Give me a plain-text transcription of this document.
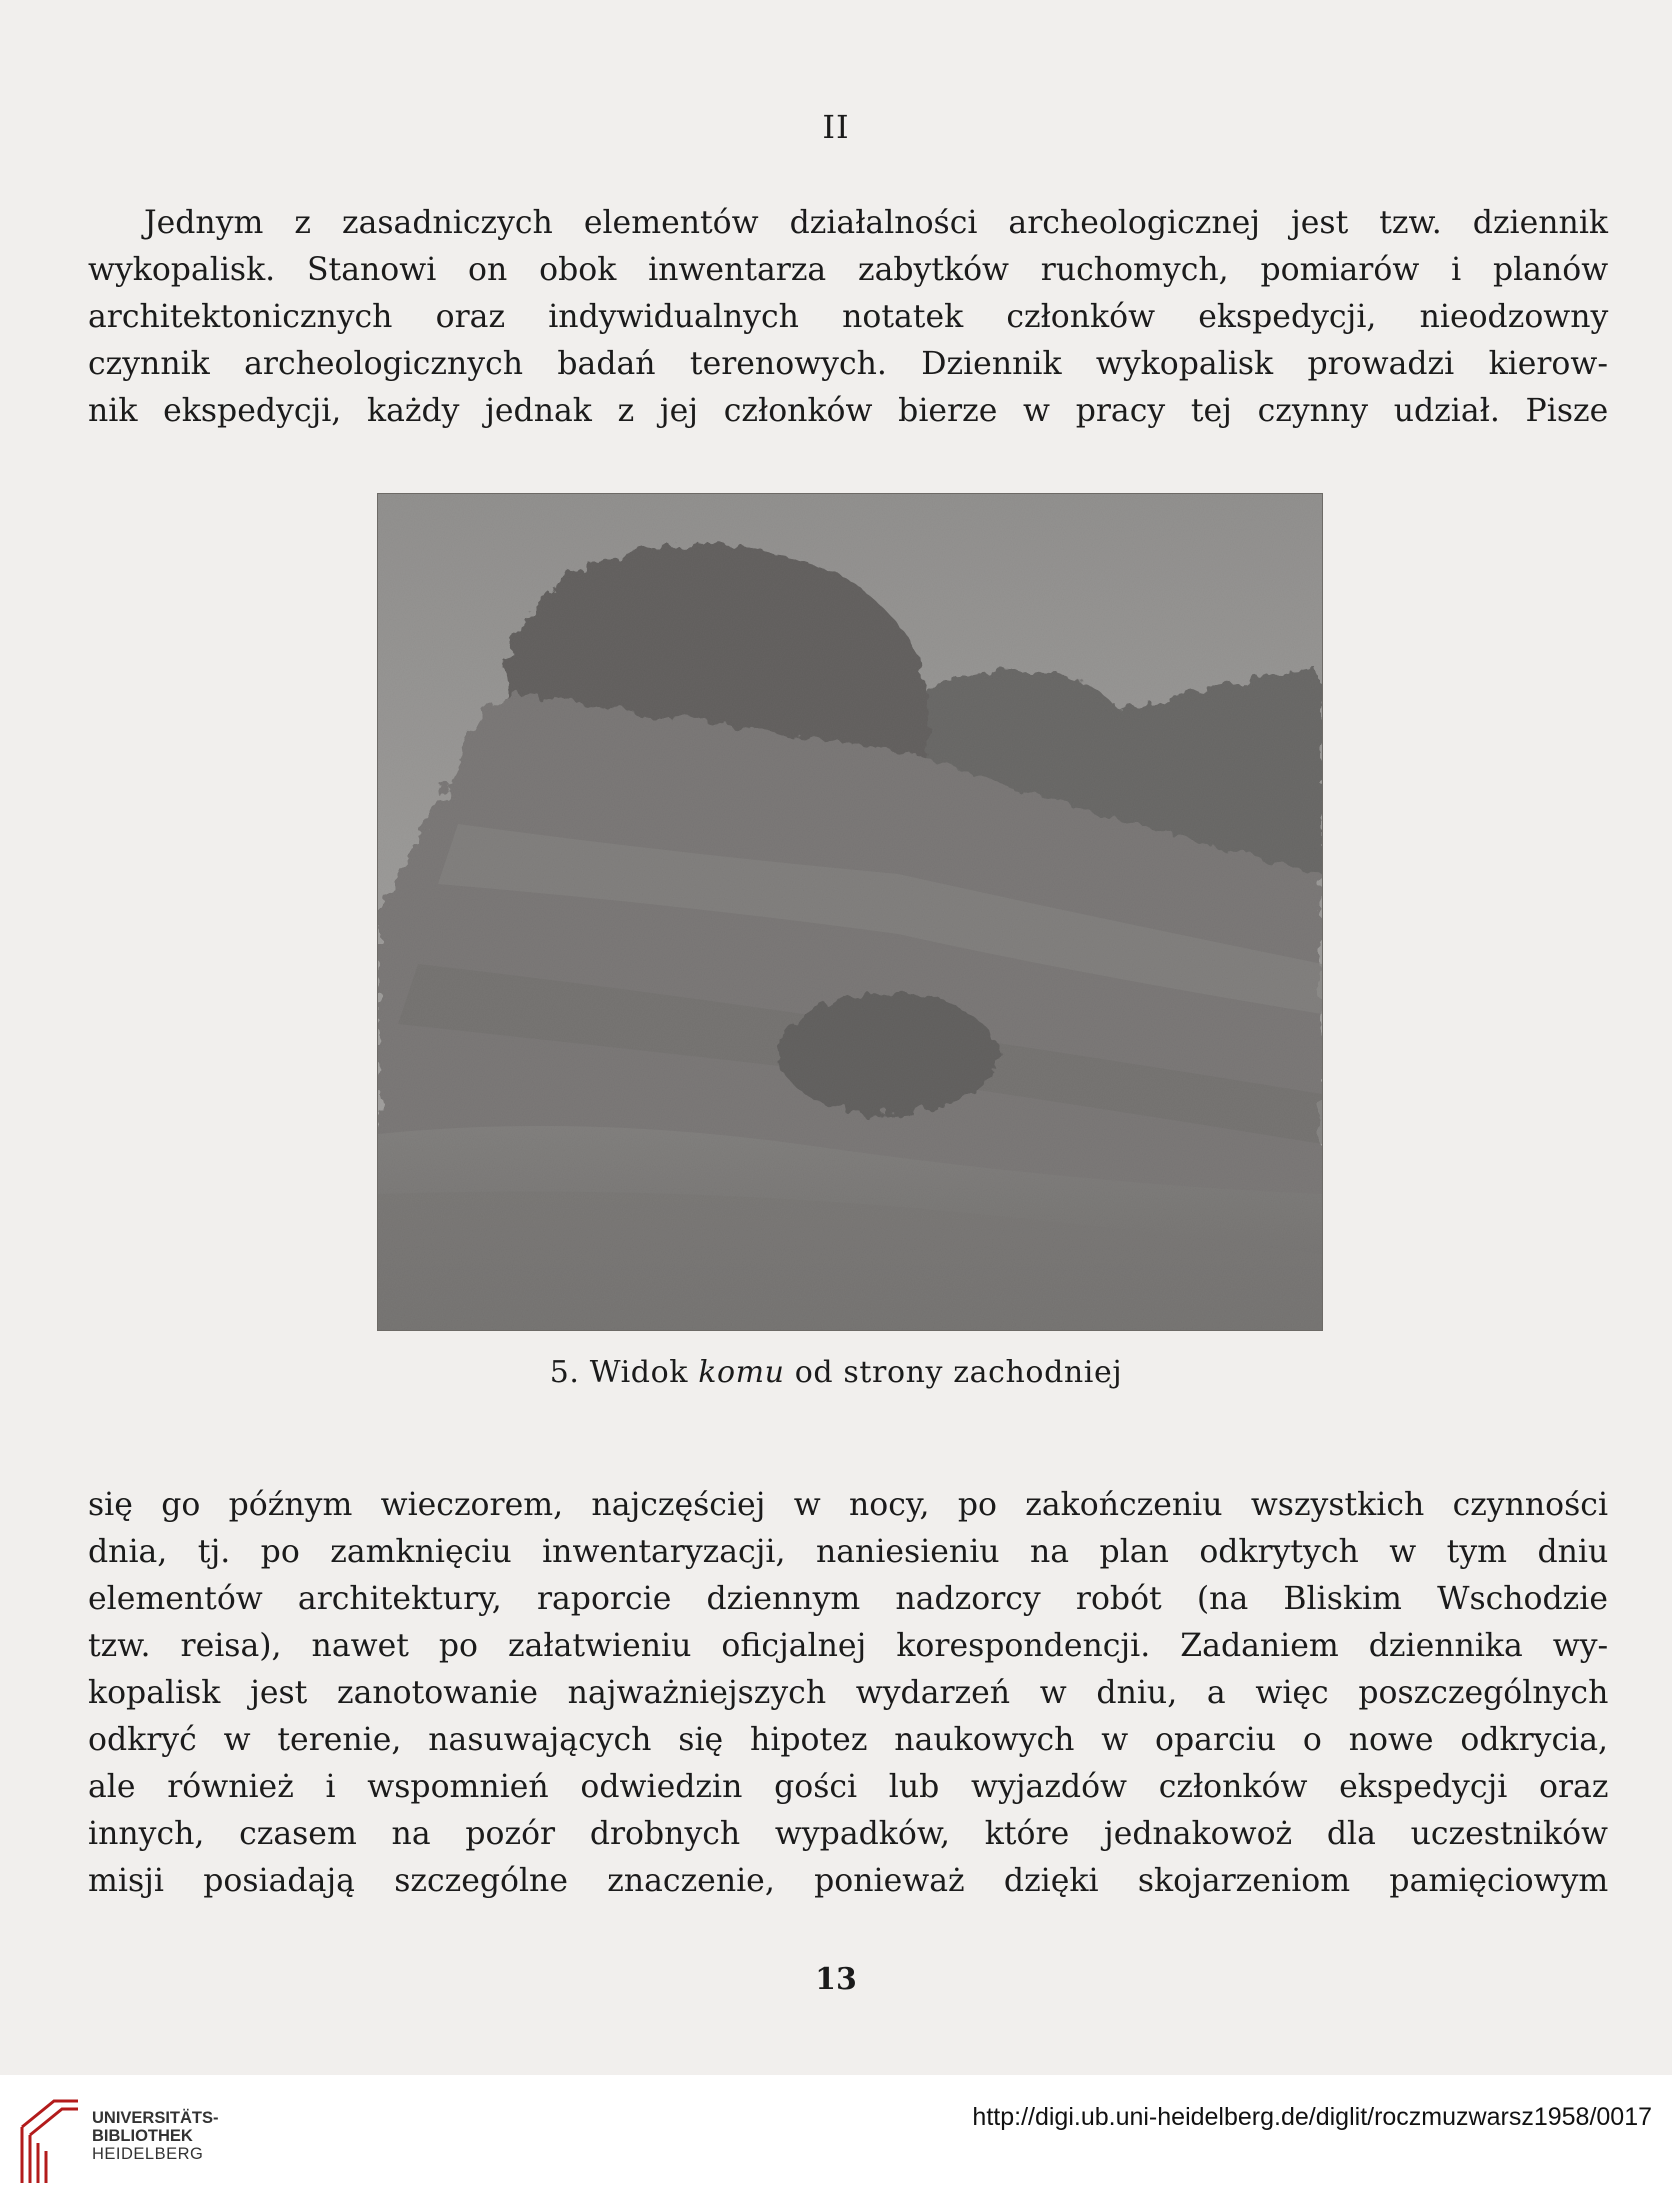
II
Jednym z zasadniczych elementów działalności archeologicznej jest tzw. dziennik
wykopalisk. Stanowi on obok inwentarza zabytków ruchomych, pomiarów i planów
architektonicznych oraz indywidualnych notatek członków ekspedycji, nieodzowny
czynnik archeologicznych badań terenowych. Dziennik wykopalisk prowadzi kierow-
nik ekspedycji, każdy jednak z jej członków bierze w pracy tej czynny udział. Pisze
5. Widok komu od strony zachodniej
się go późnym wieczorem, najczęściej w nocy, po zakończeniu wszystkich czynności
dnia, tj. po zamknięciu inwentaryzacji, naniesieniu na plan odkrytych w tym dniu
elementów architektury, raporcie dziennym nadzorcy robót (na Bliskim Wschodzie
tzw. reisa), nawet po załatwieniu oficjalnej korespondencji. Zadaniem dziennika wy-
kopalisk jest zanotowanie najważniejszych wydarzeń w dniu, a więc poszczególnych
odkryć w terenie, nasuwających się hipotez naukowych w oparciu o nowe odkrycia,
ale również i wspomnień odwiedzin gości lub wyjazdów członków ekspedycji oraz
innych, czasem na pozór drobnych wypadków, które jednakowoż dla uczestników
misji posiadają szczególne znaczenie, ponieważ dzięki skojarzeniom pamięciowym
13
UNIVERSITÄTS-
BIBLIOTHEK
HEIDELBERG
http://digi.ub.uni-heidelberg.de/diglit/roczmuzwarsz1958/0017
